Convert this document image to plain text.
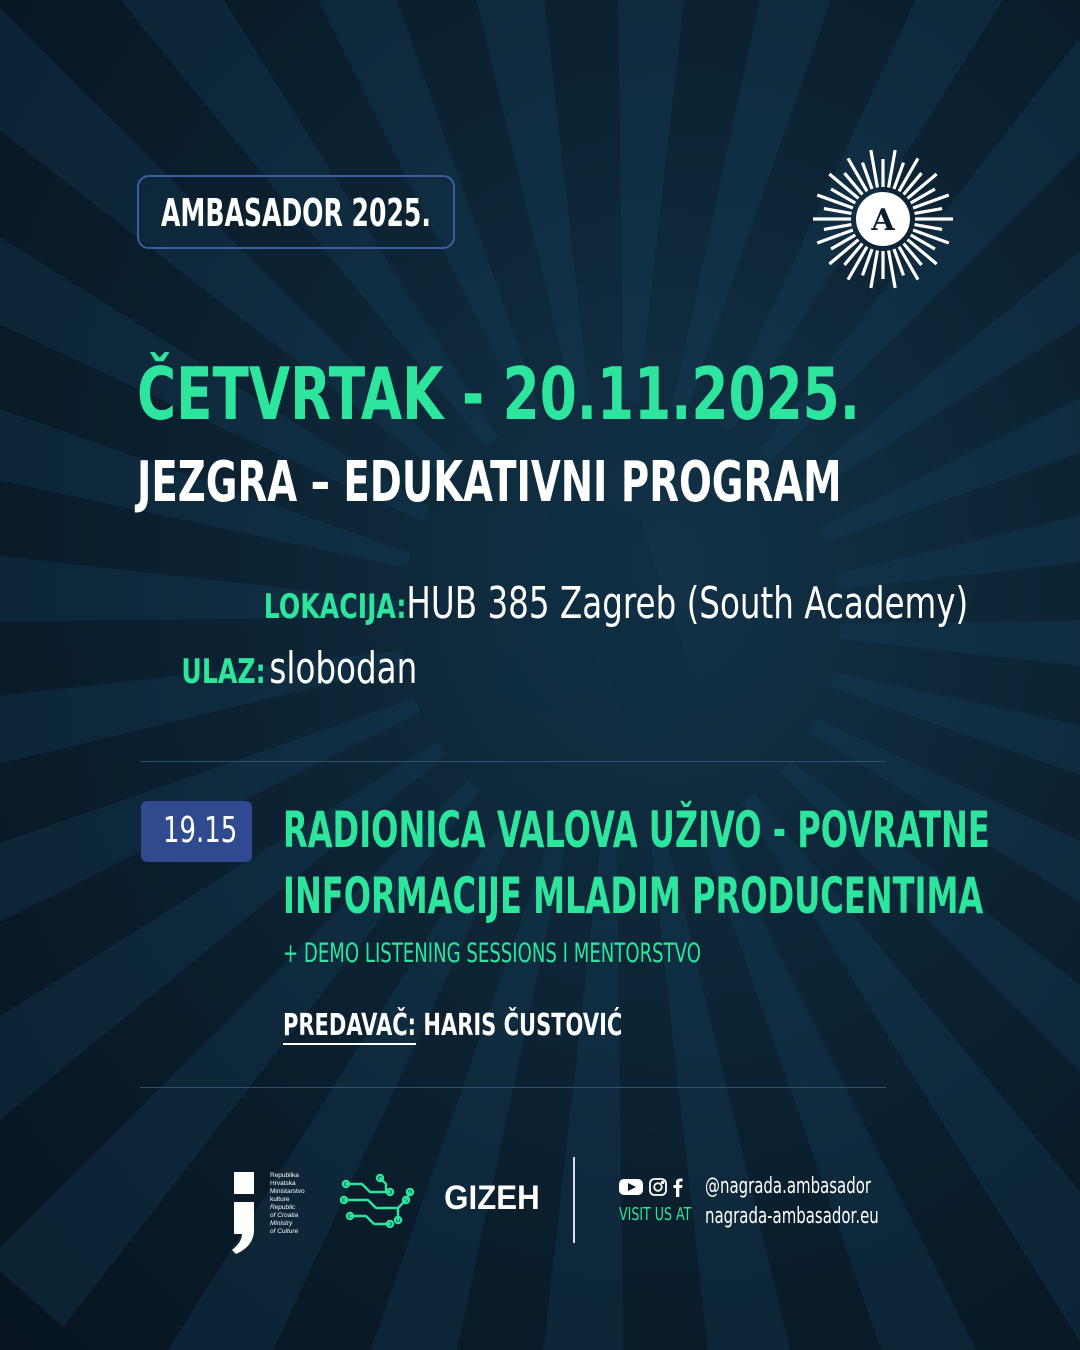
AMBASADOR 2025.	A
ČETVRTAK - 20.11.2025.
JEZGRA – EDUKATIVNI PROGRAM
LOKACIJA:HUB 385 Zagreb (South Academy)
ULAZ: slobodan
19.15 RADIONICA VALOVA UŽIVO - POVRATNE
INFORMACIJE MLADIM PRODUCENTIMA
+ DEMO LISTENING SESSIONS I MENTORSTVO
PREDAVAČ: HARIS ČUSTOVIĆ
Republika
Hrvatska
Ministarstvo
kulture
Republic
of Croatia
Ministry
of Culture
GIZEH	VISIT US AT
@nagrada.ambasador
nagrada-ambasador.eu
